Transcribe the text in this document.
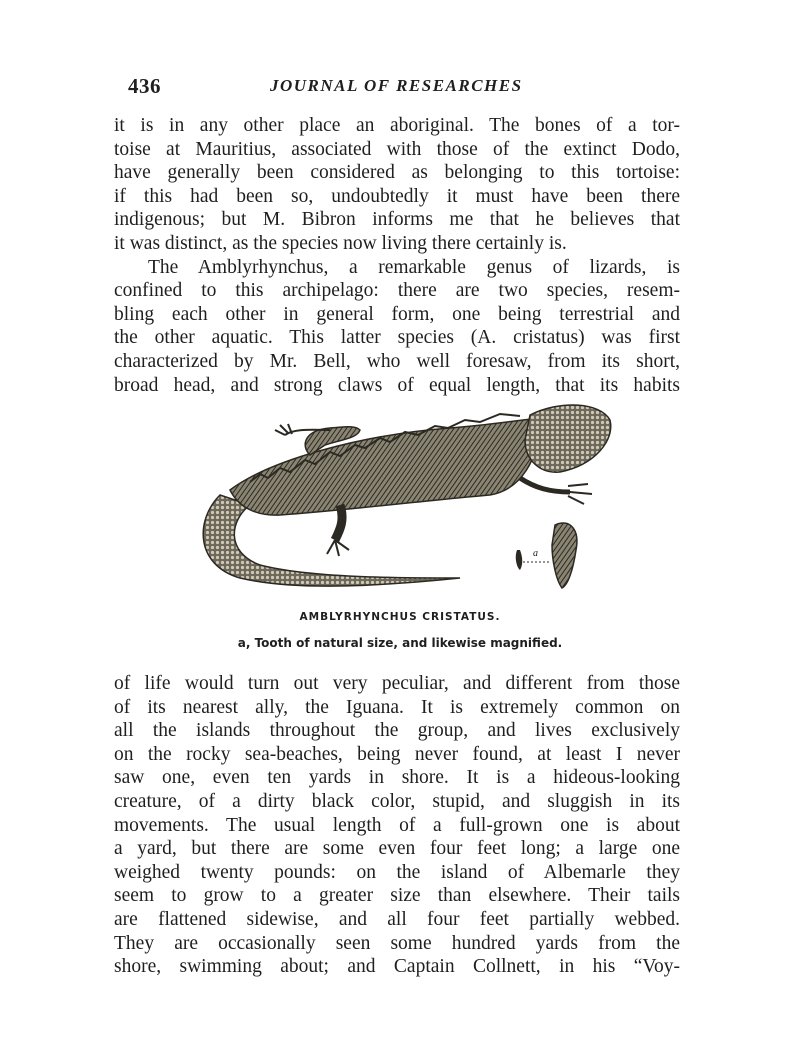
436	JOURNAL OF RESEARCHES
it is in any other place an aboriginal. The bones of a tor-
toise at Mauritius, associated with those of the extinct Dodo,
have generally been considered as belonging to this tortoise:
if this had been so, undoubtedly it must have been there
indigenous; but M. Bibron informs me that he believes that
it was distinct, as the species now living there certainly is.
The Amblyrhynchus, a remarkable genus of lizards, is
confined to this archipelago: there are two species, resem-
bling each other in general form, one being terrestrial and
the other aquatic. This latter species (A. cristatus) was first
characterized by Mr. Bell, who well foresaw, from its short,
broad head, and strong claws of equal length, that its habits
a
AMBLYRHYNCHUS CRISTATUS.
a, Tooth of natural size, and likewise magnified.
of life would turn out very peculiar, and different from those
of its nearest ally, the Iguana. It is extremely common on
all the islands throughout the group, and lives exclusively
on the rocky sea-beaches, being never found, at least I never
saw one, even ten yards in shore. It is a hideous-looking
creature, of a dirty black color, stupid, and sluggish in its
movements. The usual length of a full-grown one is about
a yard, but there are some even four feet long; a large one
weighed twenty pounds: on the island of Albemarle they
seem to grow to a greater size than elsewhere. Their tails
are flattened sidewise, and all four feet partially webbed.
They are occasionally seen some hundred yards from the
shore, swimming about; and Captain Collnett, in his “Voy-
